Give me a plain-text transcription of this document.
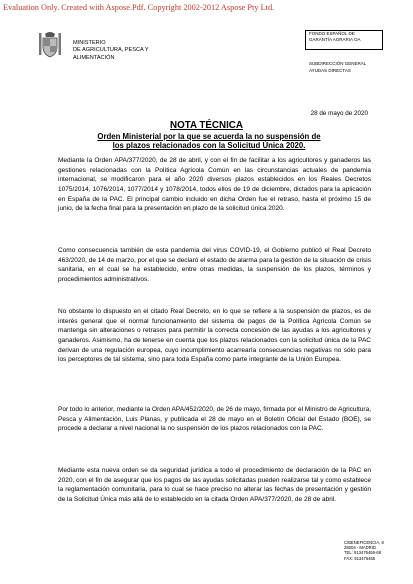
Evaluation Only. Created with Aspose.Pdf. Copyright 2002-2012 Aspose Pty Ltd.
MINISTERIO
DE AGRICULTURA, PESCA Y
ALIMENTACIÓN
FONDO ESPAÑOL DE
GARANTÍA AGRARIA OA
SUBDIRECCIÓN GENERAL
AYUDAS DIRECTAS
28 de mayo de 2020
NOTA TÉCNICA
Orden Ministerial por la que se acuerda la no suspensión de
los plazos relacionados con la Solicitud Única 2020.

Mediante la Orden APA/377/2020, de 28 de abril, y con el fin de facilitar a los agricultores y ganaderos las gestiones relacionadas con la Política Agrícola Común en las circunstancias actuales de pandemia internacional, se modificaron para el año 2020 diversos plazos establecidos en los Reales Decretos 1075/2014, 1076/2014, 1077/2014 y 1078/2014, todos ellos de 19 de diciembre, dictados para la aplicación en España de la PAC. El principal cambio incluido en dicha Orden fue el retraso, hasta el próximo 15 de junio, de la fecha final para la presentación en plazo de la solicitud única 2020.

Como consecuencia también de esta pandemia del virus COVID-19, el Gobierno publicó el Real Decreto 463/2020, de 14 de marzo, por el que se declaró el estado de alarma para la gestión de la situación de crisis sanitaria, en el cual se ha establecido, entre otras medidas, la suspensión de los plazos, términos y procedimientos administrativos.

No obstante lo dispuesto en el citado Real Decreto, en lo que se refiere a la suspensión de plazos, es de interés general que el normal funcionamiento del sistema de pagos de la Política Agrícola Común se mantenga sin alteraciones o retrasos para permitir la correcta concesión de las ayudas a los agricultores y ganaderos. Asimismo, ha de tenerse en cuenta que los plazos relacionados con la solicitud única de la PAC derivan de una regulación europea, cuyo incumplimiento acarrearía consecuencias negativas no sólo para los perceptores de tal sistema, sino para toda España como parte integrante de la Unión Europea.

Por todo lo anterior, mediante la Orden APA/452/2020, de 26 de mayo, firmada por el Ministro de Agricultura, Pesca y Alimentación, Luis Planas, y publicada el 28 de mayo en el Boletín Oficial del Estado (BOE), se procede a declarar a nivel nacional la no suspensión de los plazos relacionados con la PAC.

Mediante esta nueva orden se da seguridad jurídica a todo el procedimiento de declaración de la PAC en 2020, con el fin de asegurar que los pagos de las ayudas solicitadas pueden realizarse tal y como establece la reglamentación comunitaria, para lo cual se hace preciso no alterar las fechas de presentación y gestión de la Solicitud Única más allá de lo establecido en la citada Orden APA/377/2020, de 28 de abril.

C/BENEFICENCIA, 8
28004 - MADRID
TEL: 913476466-68
FAX: 913476465
